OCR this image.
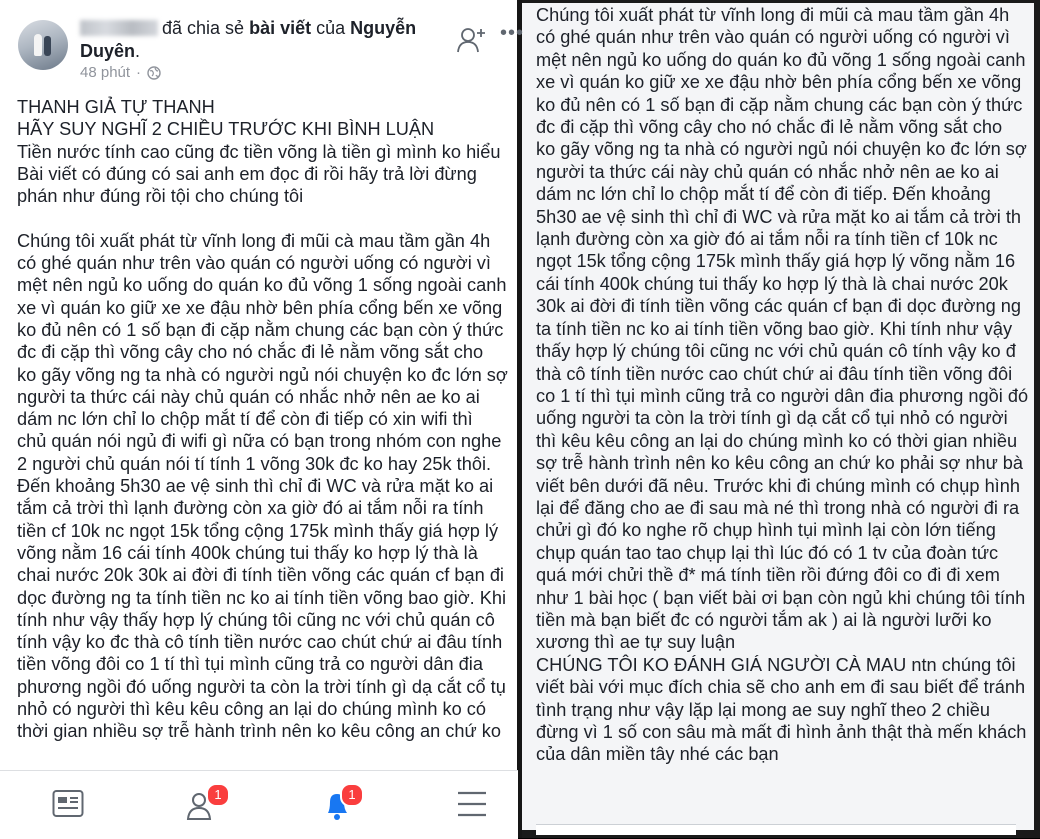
đã chia sẻ bài viết của Nguyễn Duyên.
48 phút ·
•••
THANH GIẢ TỰ THANH
HÃY SUY NGHĨ 2 CHIỀU TRƯỚC KHI BÌNH LUẬN
Tiền nước tính cao cũng đc tiền võng là tiền gì mình ko hiểu
Bài viết có đúng có sai anh em đọc đi rồi hãy trả lời đừng
phán như đúng rồi tội cho chúng tôi

Chúng tôi xuất phát từ vĩnh long đi mũi cà mau tầm gần 4h
có ghé quán như trên vào quán có người uống có người vì
mệt nên ngủ ko uống do quán ko đủ võng 1 sống ngoài canh
xe vì quán ko giữ xe xe đậu nhờ bên phía cổng bến xe võng
ko đủ nên có 1 số bạn đi cặp nằm chung các bạn còn ý thức
đc đi cặp thì võng cây cho nó chắc đi lẻ nằm võng sắt cho
ko gãy võng ng ta nhà có người ngủ nói chuyện ko đc lớn sợ
người ta thức cái này chủ quán có nhắc nhở nên ae ko ai
dám nc lớn chỉ lo chộp mắt tí để còn đi tiếp có xin wifi thì
chủ quán nói ngủ đi wifi gì nữa có bạn trong nhóm con nghe
2 người chủ quán nói tí tính 1 võng 30k đc ko hay 25k thôi.
Đến khoảng 5h30 ae vệ sinh thì chỉ đi WC và rửa mặt ko ai
tắm cả trời thì lạnh đường còn xa giờ đó ai tắm nỗi ra tính
tiền cf 10k nc ngọt 15k tổng cộng 175k mình thấy giá hợp lý
võng nằm 16 cái tính 400k chúng tui thấy ko hợp lý thà là
chai nước 20k 30k ai đời đi tính tiền võng các quán cf bạn đi
dọc đường ng ta tính tiền nc ko ai tính tiền võng bao giờ. Khi
tính như vậy thấy hợp lý chúng tôi cũng nc với chủ quán cô
tính vậy ko đc thà cô tính tiền nước cao chút chứ ai đâu tính
tiền võng đôi co 1 tí thì tụi mình cũng trả co người dân đia
phương ngồi đó uống người ta còn la trời tính gì dạ cắt cổ tụ
nhỏ có người thì kêu kêu công an lại do chúng mình ko có
thời gian nhiều sợ trễ hành trình nên ko kêu công an chứ ko
1	1
Chúng tôi xuất phát từ vĩnh long đi mũi cà mau tầm gần 4h
có ghé quán như trên vào quán có người uống có người vì
mệt nên ngủ ko uống do quán ko đủ võng 1 sống ngoài canh
xe vì quán ko giữ xe xe đậu nhờ bên phía cổng bến xe võng
ko đủ nên có 1 số bạn đi cặp nằm chung các bạn còn ý thức
đc đi cặp thì võng cây cho nó chắc đi lẻ nằm võng sắt cho
ko gãy võng ng ta nhà có người ngủ nói chuyện ko đc lớn sợ
người ta thức cái này chủ quán có nhắc nhở nên ae ko ai
dám nc lớn chỉ lo chộp mắt tí để còn đi tiếp. Đến khoảng
5h30 ae vệ sinh thì chỉ đi WC và rửa mặt ko ai tắm cả trời th
lạnh đường còn xa giờ đó ai tắm nỗi ra tính tiền cf 10k nc
ngọt 15k tổng cộng 175k mình thấy giá hợp lý võng nằm 16
cái tính 400k chúng tui thấy ko hợp lý thà là chai nước 20k
30k ai đời đi tính tiền võng các quán cf bạn đi dọc đường ng
ta tính tiền nc ko ai tính tiền võng bao giờ. Khi tính như vậy
thấy hợp lý chúng tôi cũng nc với chủ quán cô tính vậy ko đ
thà cô tính tiền nước cao chút chứ ai đâu tính tiền võng đôi
co 1 tí thì tụi mình cũng trả co người dân đia phương ngồi đó
uống người ta còn la trời tính gì dạ cắt cổ tụi nhỏ có người
thì kêu kêu công an lại do chúng mình ko có thời gian nhiều
sợ trễ hành trình nên ko kêu công an chứ ko phải sợ như bà
viết bên dưới đã nêu. Trước khi đi chúng mình có chụp hình
lại để đăng cho ae đi sau mà né thì trong nhà có người đi ra
chửi gì đó ko nghe rõ chụp hình tụi mình lại còn lớn tiếng
chụp quán tao tao chụp lại thì lúc đó có 1 tv của đoàn tức
quá mới chửi thề đ* má tính tiền rồi đứng đôi co đi đi xem
như 1 bài học ( bạn viết bài ơi bạn còn ngủ khi chúng tôi tính
tiền mà bạn biết đc có người tắm ak ) ai là người lưỡi ko
xương thì ae tự suy luận
CHÚNG TÔI KO ĐÁNH GIÁ NGƯỜI CÀ MAU ntn chúng tôi
viết bài với mục đích chia sẽ cho anh em đi sau biết để tránh
tình trạng như vậy lặp lại mong ae suy nghĩ theo 2 chiều
đừng vì 1 số con sâu mà mất đi hình ảnh thật thà mến khách
của dân miền tây nhé các bạn
